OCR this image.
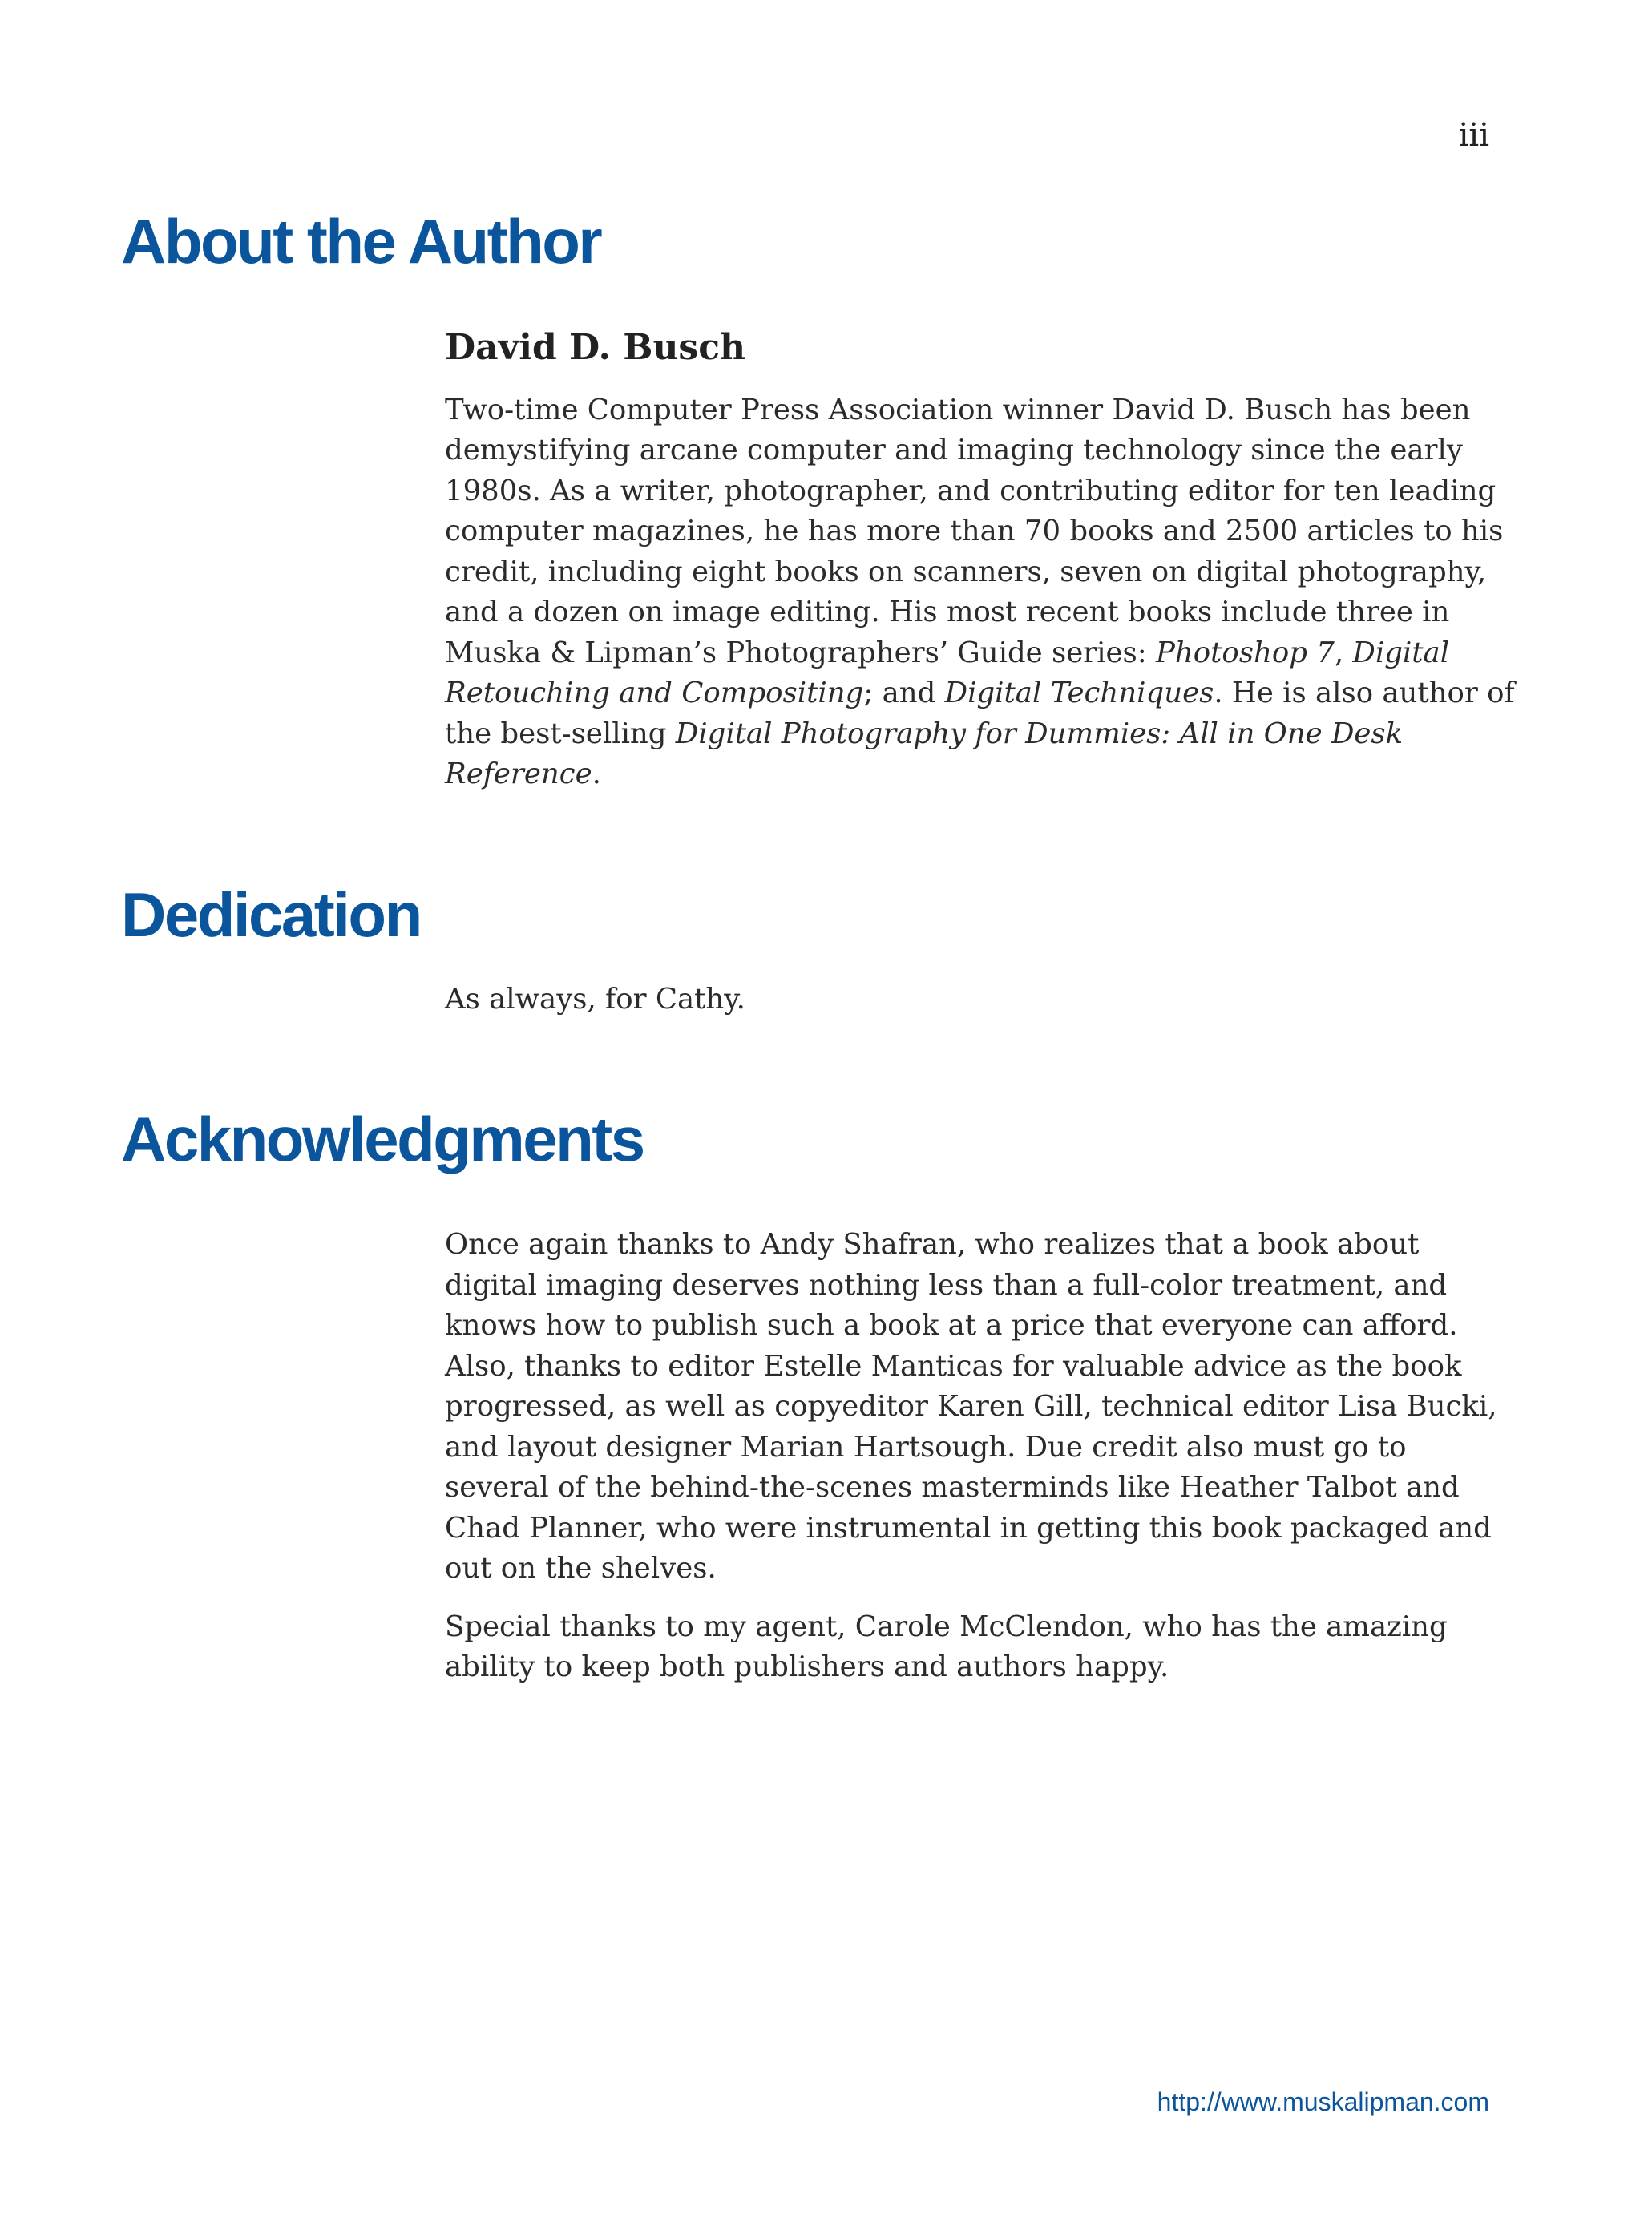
iii
About the Author
David D. Busch

Two-time Computer Press Association winner David D. Busch has been demystifying arcane computer and imaging technology since the early 1980s. As a writer, photographer, and contributing editor for ten leading computer magazines, he has more than 70 books and 2500 articles to his credit, including eight books on scanners, seven on digital photography, and a dozen on image editing. His most recent books include three in Muska & Lipman’s Photographers’ Guide series: Photoshop 7, Digital Retouching and Compositing; and Digital Techniques. He is also author of the best-selling Digital Photography for Dummies: All in One Desk Reference.

Dedication

As always, for Cathy.

Acknowledgments

Once again thanks to Andy Shafran, who realizes that a book about digital imaging deserves nothing less than a full-color treatment, and knows how to publish such a book at a price that everyone can afford. Also, thanks to editor Estelle Manticas for valuable advice as the book progressed, as well as copyeditor Karen Gill, technical editor Lisa Bucki, and layout designer Marian Hartsough. Due credit also must go to several of the behind-the-scenes masterminds like Heather Talbot and Chad Planner, who were instrumental in getting this book packaged and out on the shelves.

Special thanks to my agent, Carole McClendon, who has the amazing ability to keep both publishers and authors happy.

http://www.muskalipman.com
